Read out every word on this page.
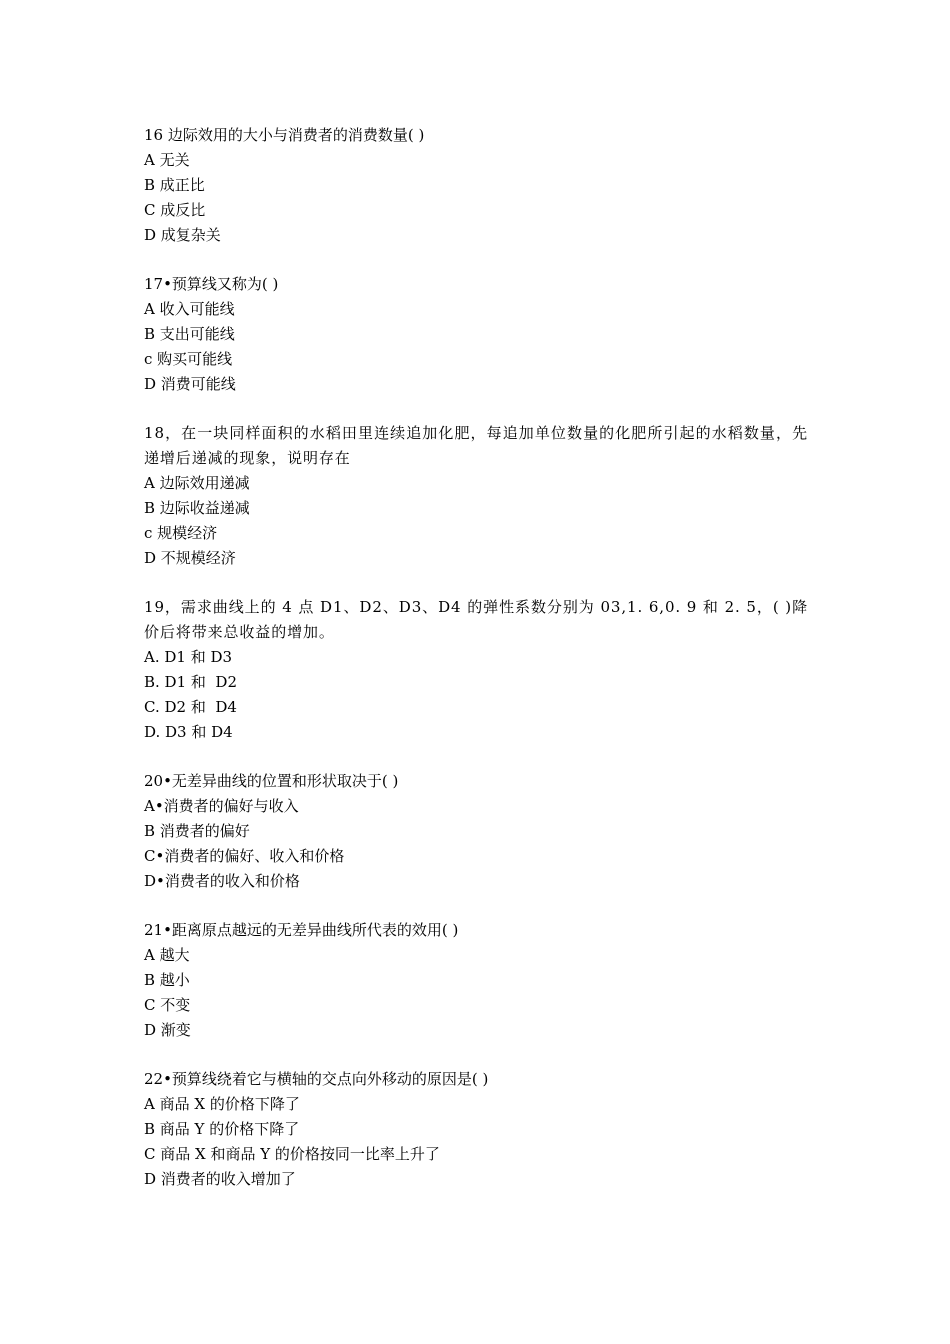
16 边际效用的大小与消费者的消费数量( )

A 无关

B 成正比

C 成反比

D 成复杂关

17•预算线又称为( )

A 收入可能线

B 支出可能线

c 购买可能线

D 消费可能线

18，在一块同样面积的水稻田里连续追加化肥，每追加单位数量的化肥所引起的水稻数量，先递增后递减的现象，说明存在

A 边际效用递减

B 边际收益递减

c 规模经济

D 不规模经济

19，需求曲线上的 4 点 D1、D2、D3、D4 的弹性系数分别为 03,1. 6,0. 9 和 2. 5，( )降价后将带来总收益的增加。

A. D1 和 D3

B. D1 和  D2

C. D2 和  D4

D. D3 和 D4

20•无差异曲线的位置和形状取决于( )

A•消费者的偏好与收入

B 消费者的偏好

C•消费者的偏好、收入和价格

D•消费者的收入和价格

21•距离原点越远的无差异曲线所代表的效用( )

A 越大

B 越小

C 不变

D 渐变

22•预算线绕着它与横轴的交点向外移动的原因是( )

A 商品 X 的价格下降了

B 商品 Y 的价格下降了

C 商品 X 和商品 Y 的价格按同一比率上升了

D 消费者的收入增加了
